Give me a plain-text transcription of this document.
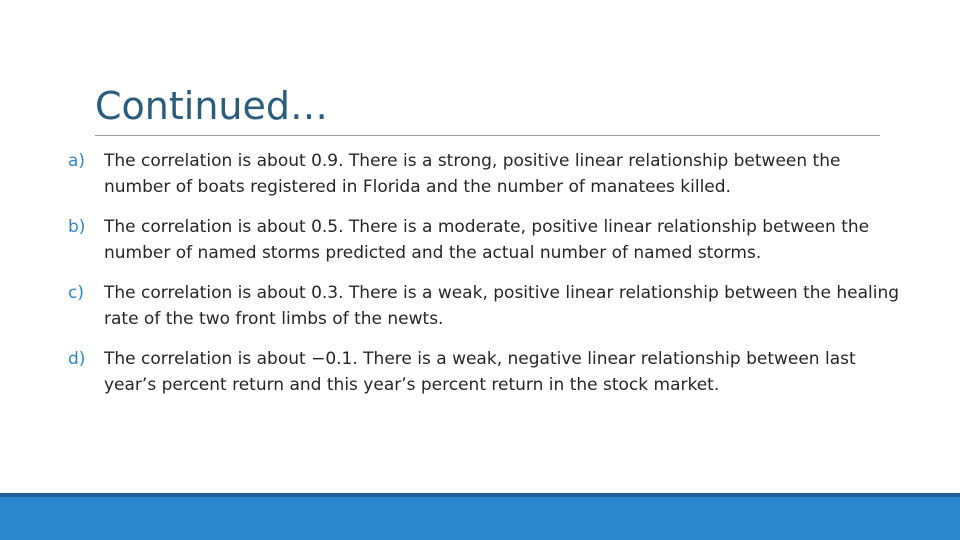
Continued…
a) The correlation is about 0.9. There is a strong, positive linear relationship between the number of boats registered in Florida and the number of manatees killed.
b) The correlation is about 0.5. There is a moderate, positive linear relationship between the number of named storms predicted and the actual number of named storms.
c) The correlation is about 0.3. There is a weak, positive linear relationship between the healing rate of the two front limbs of the newts.
d) The correlation is about −0.1. There is a weak, negative linear relationship between last year’s percent return and this year’s percent return in the stock market.
